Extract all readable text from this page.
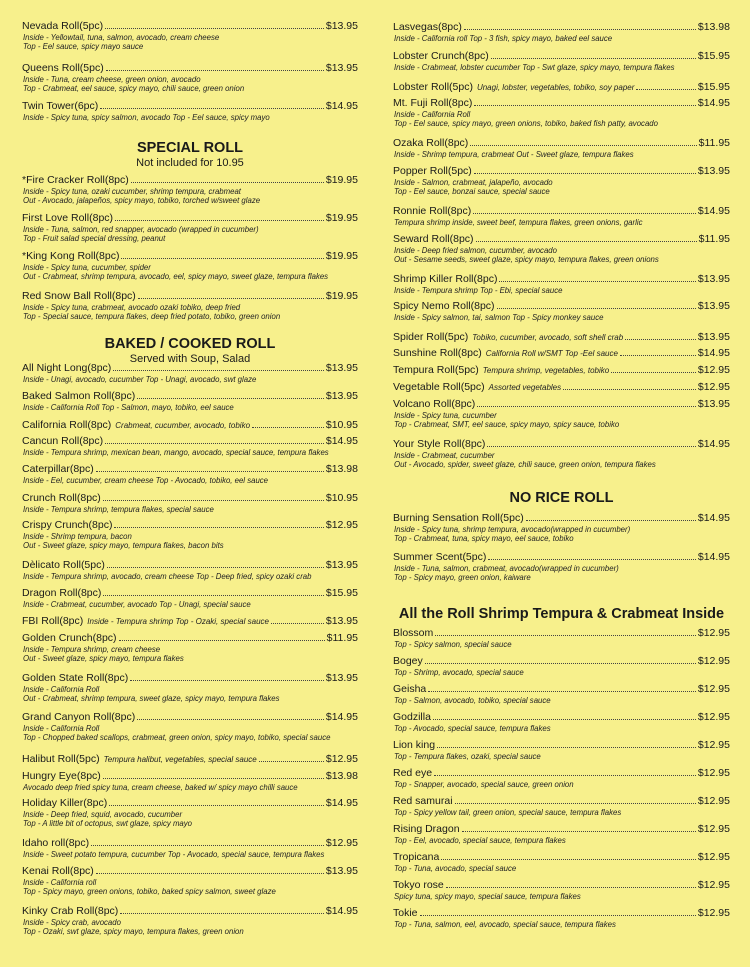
Nevada Roll(5pc)	$13.95
Inside - Yellowtail, tuna, salmon, avocado, cream cheese
Top - Eel sauce, spicy mayo sauce
Queens Roll(5pc)	$13.95
Inside - Tuna, cream cheese, green onion, avocado
Top - Crabmeat, eel sauce, spicy mayo, chili sauce, green onion
Twin Tower(6pc)	$14.95
Inside - Spicy tuna, spicy salmon, avocado Top - Eel sauce, spicy mayo
SPECIAL ROLL
Not included for 10.95
*Fire Cracker Roll(8pc)	$19.95
Inside - Spicy tuna, ozaki cucumber, shrimp tempura, crabmeat
Out - Avocado, jalapeños, spicy mayo, tobiko, torched w/sweet glaze
First Love Roll(8pc)	$19.95
Inside - Tuna, salmon, red snapper, avocado (wrapped in cucumber)
Top - Fruit salad special dressing, peanut
*King Kong Roll(8pc)	$19.95
Inside - Spicy tuna, cucumber, spider
Out - Crabmeat, shrimp tempura, avocado, eel, spicy mayo, sweet glaze, tempura flakes
Red Snow Ball Roll(8pc)	$19.95
Inside - Spicy tuna, crabmeat, avocado ozaki tobiko, deep fried
Top - Special sauce, tempura flakes, deep fried potato, tobiko, green onion
BAKED / COOKED ROLL
Served with Soup, Salad
All Night Long(8pc)	$13.95
Inside - Unagi, avocado, cucumber Top - Unagi, avocado, swt glaze
Baked Salmon Roll(8pc)	$13.95
Inside - California Roll Top - Salmon, mayo, tobiko, eel sauce
California Roll(8pc) Crabmeat, cucumber, avocado, tobiko	$10.95
Cancun Roll(8pc)	$14.95
Inside - Tempura shrimp, mexican bean, mango, avocado, special sauce, tempura flakes
Caterpillar(8pc)	$13.98
Inside - Eel, cucumber, cream cheese Top - Avocado, tobiko, eel sauce
Crunch Roll(8pc)	$10.95
Inside - Tempura shrimp, tempura flakes, special sauce
Crispy Crunch(8pc)	$12.95
Inside - Shrimp tempura, bacon
Out - Sweet glaze, spicy mayo, tempura flakes, bacon bits
Dèlicato Roll(5pc)	$13.95
Inside - Tempura shrimp, avocado, cream cheese Top - Deep fried, spicy ozaki crab
Dragon Roll(8pc)	$15.95
Inside - Crabmeat, cucumber, avocado Top - Unagi, special sauce
FBI Roll(8pc) Inside - Tempura shrimp Top - Ozaki, special sauce	$13.95
Golden Crunch(8pc)	$11.95
Inside - Tempura shrimp, cream cheese
Out - Sweet glaze, spicy mayo, tempura flakes
Golden State Roll(8pc)	$13.95
Inside - California Roll
Out - Crabmeat, shrimp tempura, sweet glaze, spicy mayo, tempura flakes
Grand Canyon Roll(8pc)	$14.95
Inside - California Roll
Top - Chopped baked scallops, crabmeat, green onion, spicy mayo, tobiko, special sauce
Halibut Roll(5pc) Tempura halibut, vegetables, special sauce	$12.95
Hungry Eye(8pc)	$13.98
Avocado deep fried spicy tuna, cream cheese, baked w/ spicy mayo chilli sauce
Holiday Killer(8pc)	$14.95
Inside - Deep fried, squid, avocado, cucumber
Top - A little bit of octopus, swt glaze, spicy mayo
Idaho roll(8pc)	$12.95
Inside - Sweet potato tempura, cucumber Top - Avocado, special sauce, tempura flakes
Kenai Roll(8pc)	$13.95
Inside - California roll
Top - Spicy mayo, green onions, tobiko, baked spicy salmon, sweet glaze
Kinky Crab Roll(8pc)	$14.95
Inside - Spicy crab, avocado
Top - Ozaki, swt glaze, spicy mayo, tempura flakes, green onion
Lasvegas(8pc)	$13.98
Inside - California roll Top - 3 fish, spicy mayo, baked eel sauce
Lobster Crunch(8pc)	$15.95
Inside - Crabmeat, lobster cucumber Top - Swt glaze, spicy mayo, tempura flakes
Lobster Roll(5pc) Unagi, lobster, vegetables, tobiko, soy paper	$15.95
Mt. Fuji Roll(8pc)	$14.95
Inside - California Roll
Top - Eel sauce, spicy mayo, green onions, tobiko, baked fish patty, avocado
Ozaka Roll(8pc)	$11.95
Inside - Shrimp tempura, crabmeat Out - Sweet glaze, tempura flakes
Popper Roll(5pc)	$13.95
Inside - Salmon, crabmeat, jalapeño, avocado
Top - Eel sauce, bonzai sauce, special sauce
Ronnie Roll(8pc)	$14.95
Tempura shrimp inside, sweet beef, tempura flakes, green onions, garlic
Seward Roll(8pc)	$11.95
Inside - Deep fried salmon, cucumber, avocado
Out - Sesame seeds, sweet glaze, spicy mayo, tempura flakes, green onions
Shrimp Killer Roll(8pc)	$13.95
Inside - Tempura shrimp Top - Ebi, special sauce
Spicy Nemo Roll(8pc)	$13.95
Inside - Spicy salmon, tai, salmon Top - Spicy monkey sauce
Spider Roll(5pc) Tobiko, cucumber, avocado, soft shell crab	$13.95
Sunshine Roll(8pc) California Roll w/SMT Top -Eel sauce	$14.95
Tempura Roll(5pc) Tempura shrimp, vegetables, tobiko	$12.95
Vegetable Roll(5pc) Assorted vegetables	$12.95
Volcano Roll(8pc)	$13.95
Inside - Spicy tuna, cucumber
Top - Crabmeat, SMT, eel sauce, spicy mayo, spicy sauce, tobiko
Your Style Roll(8pc)	$14.95
Inside - Crabmeat, cucumber
Out - Avocado, spider, sweet glaze, chili sauce, green onion, tempura flakes
NO RICE ROLL
Burning Sensation Roll(5pc)	$14.95
Inside - Spicy tuna, shrimp tempura, avocado(wrapped in cucumber)
Top - Crabmeat, tuna, spicy mayo, eel sauce, tobiko
Summer Scent(5pc)	$14.95
Inside - Tuna, salmon, crabmeat, avocado(wrapped in cucumber)
Top - Spicy mayo, green onion, kaiware
All the Roll Shrimp Tempura & Crabmeat Inside
Blossom	$12.95
Top - Spicy salmon, special sauce
Bogey	$12.95
Top - Shrimp, avocado, special sauce
Geisha	$12.95
Top - Salmon, avocado, tobiko, special sauce
Godzilla	$12.95
Top - Avocado, special sauce, tempura flakes
Lion king	$12.95
Top - Tempura flakes, ozaki, special sauce
Red eye	$12.95
Top - Snapper, avocado, special sauce, green onion
Red samurai	$12.95
Top - Spicy yellow tail, green onion, special sauce, tempura flakes
Rising Dragon	$12.95
Top - Eel, avocado, special sauce, tempura flakes
Tropicana	$12.95
Top - Tuna, avocado, special sauce
Tokyo rose	$12.95
Spicy tuna, spicy mayo, special sauce, tempura flakes
Tokie	$12.95
Top - Tuna, salmon, eel, avocado, special sauce, tempura flakes
